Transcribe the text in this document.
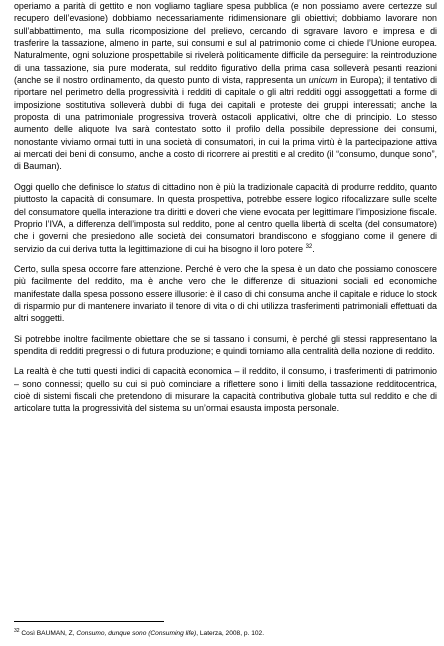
operiamo a parità di gettito e non vogliamo tagliare spesa pubblica (e non possiamo avere certezze sul recupero dell’evasione) dobbiamo necessariamente ridimensionare gli obiettivi; dobbiamo lavorare non sull’abbattimento, ma sulla ricomposizione del prelievo, cercando di sgravare lavoro e impresa e di trasferire la tassazione, almeno in parte, sui consumi e sul al patrimonio come ci chiede l’Unione europea. Naturalmente, ogni soluzione prospettabile si rivelerà politicamente difficile da perseguire: la reintroduzione di una tassazione, sia pure moderata, sul reddito figurativo della prima casa solleverà pesanti reazioni (anche se il nostro ordinamento, da questo punto di vista, rappresenta un unicum in Europa); il tentativo di riportare nel perimetro della progressività i redditi di capitale o gli altri redditi oggi assoggettati a forme di imposizione sostitutiva solleverà dubbi di fuga dei capitali e proteste dei gruppi interessati; anche la proposta di una patrimoniale progressiva troverà ostacoli applicativi, oltre che di principio. Lo stesso aumento delle aliquote Iva sarà contestato sotto il profilo della possibile depressione dei consumi, nonostante viviamo ormai tutti in una società di consumatori, in cui la prima virtù è la partecipazione attiva ai mercati dei beni di consumo, anche a costo di ricorrere ai prestiti e al credito (il “consumo, dunque sono”, di Bauman).

Oggi quello che definisce lo status di cittadino non è più la tradizionale capacità di produrre reddito, quanto piuttosto la capacità di consumare. In questa prospettiva, potrebbe essere logico rifocalizzare sulle scelte del consumatore quella interazione tra diritti e doveri che viene evocata per legittimare l’imposizione fiscale. Proprio l’IVA, a differenza dell’imposta sul reddito, pone al centro quella libertà di scelta (del consumatore) che i governi che presiedono alle società dei consumatori brandiscono e sfoggiano come il genere di servizio da cui deriva tutta la legittimazione di cui ha bisogno il loro potere $^{32}$.

Certo, sulla spesa occorre fare attenzione. Perché è vero che la spesa è un dato che possiamo conoscere più facilmente del reddito, ma è anche vero che le differenze di situazioni sociali ed economiche manifestate dalla spesa possono essere illusorie: è il caso di chi consuma anche il capitale e riduce lo stock di risparmio pur di mantenere invariato il tenore di vita o di chi utilizza trasferimenti patrimoniali effettuati da altri soggetti.

Si potrebbe inoltre facilmente obiettare che se si tassano i consumi, è perché gli stessi rappresentano la spendita di redditi pregressi o di futura produzione; e quindi torniamo alla centralità della nozione di reddito.

La realtà è che tutti questi indici di capacità economica – il reddito, il consumo, i trasferimenti di patrimonio – sono connessi; quello su cui si può cominciare a riflettere sono i limiti della tassazione redditocentrica, cioè di sistemi fiscali che pretendono di misurare la capacità contributiva globale tutta sul reddito e che di articolare tutta la progressività del sistema su un’ormai esausta imposta personale.

$^{32}$ Così BAUMAN, Z, Consumo, dunque sono (Consuming life), Laterza, 2008, p. 102.
